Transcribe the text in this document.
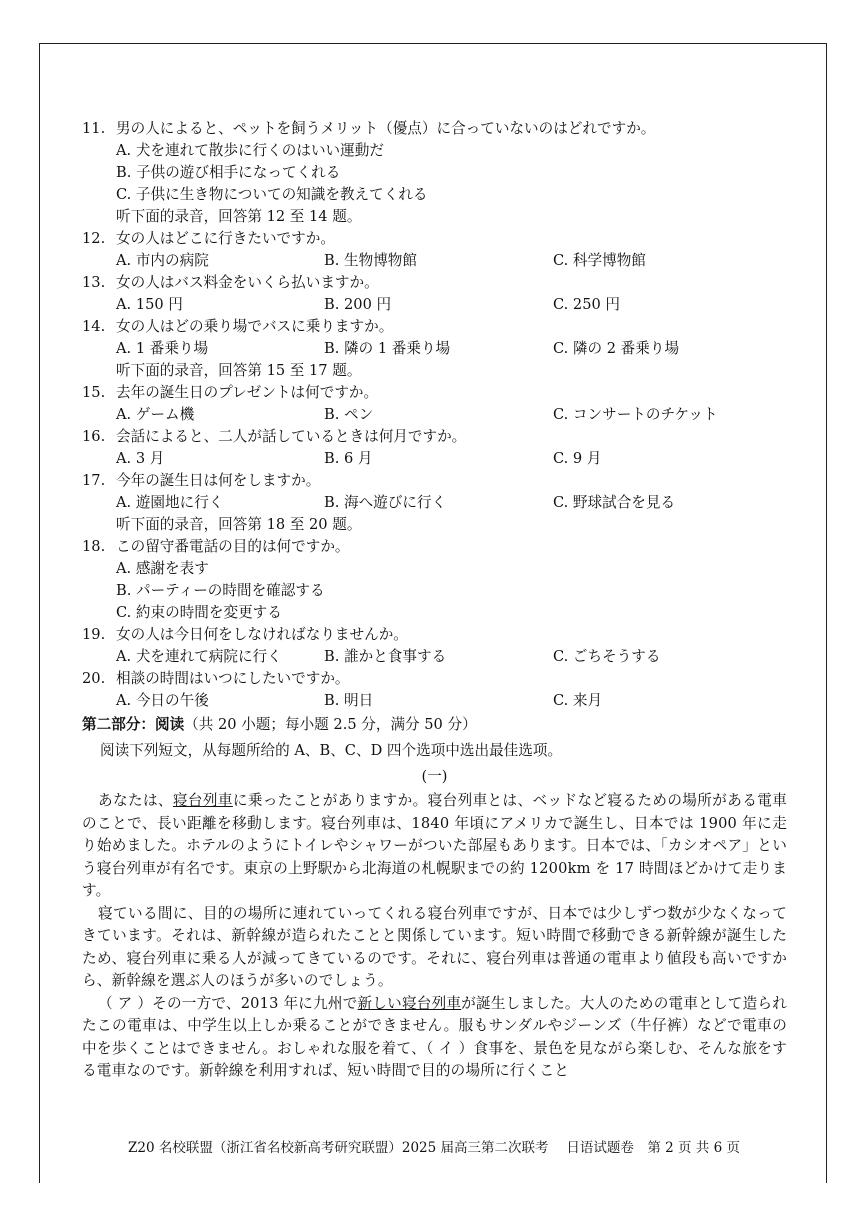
11. 男の人によると、ペットを飼うメリット（優点）に合っていないのはどれですか。
A. 犬を連れて散歩に行くのはいい運動だ
B. 子供の遊び相手になってくれる
C. 子供に生き物についての知識を教えてくれる
听下面的录音，回答第 12 至 14 题。
12. 女の人はどこに行きたいですか。
A. 市内の病院	B. 生物博物館	C. 科学博物館
13. 女の人はバス料金をいくら払いますか。
A. 150 円	B. 200 円	C. 250 円
14. 女の人はどの乗り場でバスに乗りますか。
A. 1 番乗り場	B. 隣の 1 番乗り場	C. 隣の 2 番乗り場
听下面的录音，回答第 15 至 17 题。
15. 去年の誕生日のプレゼントは何ですか。
A. ゲーム機	B. ペン	C. コンサートのチケット
16. 会話によると、二人が話しているときは何月ですか。
A. 3 月	B. 6 月	C. 9 月
17. 今年の誕生日は何をしますか。
A. 遊園地に行く	B. 海へ遊びに行く	C. 野球試合を見る
听下面的录音，回答第 18 至 20 题。
18. この留守番電話の目的は何ですか。
A. 感謝を表す
B. パーティーの時間を確認する
C. 約束の時間を変更する
19. 女の人は今日何をしなければなりませんか。
A. 犬を連れて病院に行く	B. 誰かと食事する	C. ごちそうする
20. 相談の時間はいつにしたいですか。
A. 今日の午後	B. 明日	C. 来月
第二部分：阅读（共 20 小题；每小题 2.5 分，满分 50 分）
阅读下列短文，从每题所给的 A、B、C、D 四个选项中选出最佳选项。
(一)
あなたは、寝台列車に乗ったことがありますか。寝台列車とは、ベッドなど寝るための場所がある電車のことで、長い距離を移動します。寝台列車は、1840 年頃にアメリカで誕生し、日本では 1900 年に走り始めました。ホテルのようにトイレやシャワーがついた部屋もあります。日本では、「カシオペア」という寝台列車が有名です。東京の上野駅から北海道の札幌駅までの約 1200km を 17 時間ほどかけて走ります。
寝ている間に、目的の場所に連れていってくれる寝台列車ですが、日本では少しずつ数が少なくなってきています。それは、新幹線が造られたことと関係しています。短い時間で移動できる新幹線が誕生したため、寝台列車に乗る人が減ってきているのです。それに、寝台列車は普通の電車より値段も高いですから、新幹線を選ぶ人のほうが多いのでしょう。
（ ア ）その一方で、2013 年に九州で新しい寝台列車が誕生しました。大人のための電車として造られたこの電車は、中学生以上しか乗ることができません。服もサンダルやジーンズ（牛仔裤）などで電車の中を歩くことはできません。おしゃれな服を着て、（ イ ）食事を、景色を見ながら楽しむ、そんな旅をする電車なのです。新幹線を利用すれば、短い時間で目的の場所に行くこと
Z20 名校联盟（浙江省名校新高考研究联盟）2025 届高三第二次联考　 日语试题卷　第 2 页 共 6 页
